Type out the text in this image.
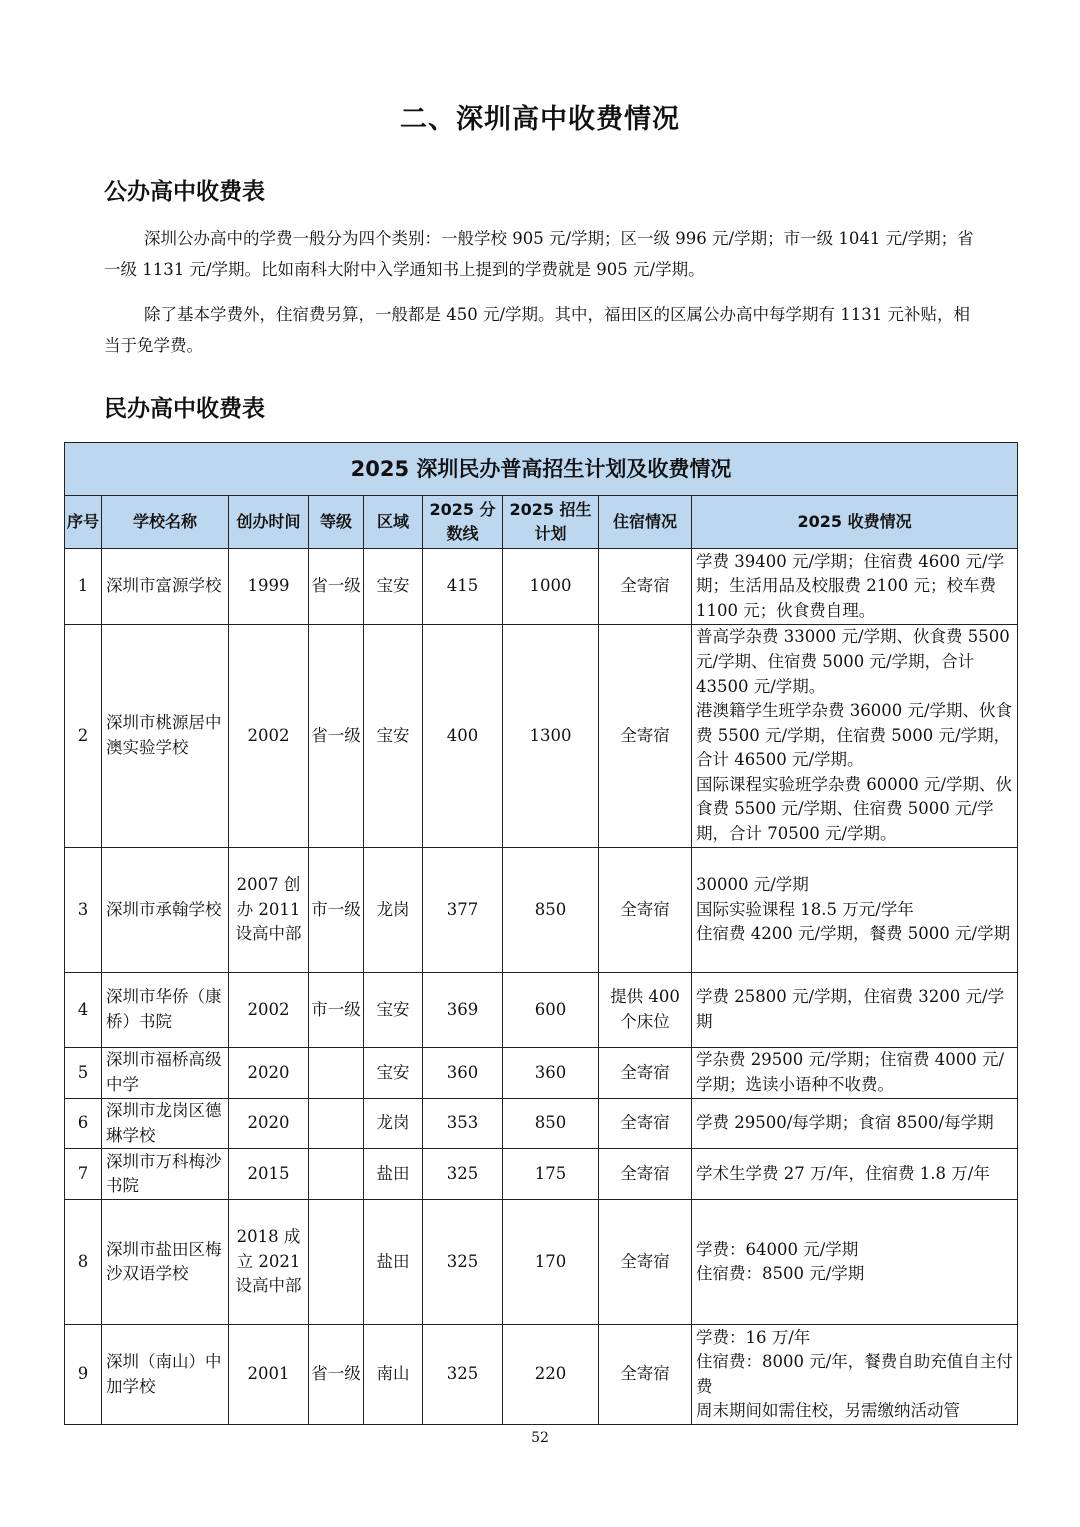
二、深圳高中收费情况
公办高中收费表
深圳公办高中的学费一般分为四个类别：一般学校 905 元/学期；区一级 996 元/学期；市一级 1041 元/学期；省一级 1131 元/学期。比如南科大附中入学通知书上提到的学费就是 905 元/学期。
除了基本学费外，住宿费另算，一般都是 450 元/学期。其中，福田区的区属公办高中每学期有 1131 元补贴，相当于免学费。
民办高中收费表
2025 深圳民办普高招生计划及收费情况								
序号	学校名称	创办时间	等级	区域	2025 分数线	2025 招生计划	住宿情况	2025 收费情况
1	深圳市富源学校	1999	省一级	宝安	415	1000	全寄宿	学费 39400 元/学期；住宿费 4600 元/学期；生活用品及校服费 2100 元；校车费 1100 元；伙食费自理。
2	深圳市桃源居中澳实验学校	2002	省一级	宝安	400	1300	全寄宿	普高学杂费 33000 元/学期、伙食费 5500 元/学期、住宿费 5000 元/学期，合计 43500 元/学期。
港澳籍学生班学杂费 36000 元/学期、伙食费 5500 元/学期，住宿费 5000 元/学期，合计 46500 元/学期。
国际课程实验班学杂费 60000 元/学期、伙食费 5500 元/学期、住宿费 5000 元/学期，合计 70500 元/学期。

3	深圳市承翰学校	2007 创办 2011 设高中部	市一级	龙岗	377	850	全寄宿	30000 元/学期
国际实验课程 18.5 万元/学年
住宿费 4200 元/学期，餐费 5000 元/学期

4	深圳市华侨（康桥）书院	2002	市一级	宝安	369	600	提供 400 个床位	学费 25800 元/学期，住宿费 3200 元/学期
5	深圳市福桥高级中学	2020		宝安	360	360	全寄宿	学杂费 29500 元/学期；住宿费 4000 元/学期；选读小语种不收费。
6	深圳市龙岗区德琳学校	2020		龙岗	353	850	全寄宿	学费 29500/每学期；食宿 8500/每学期
7	深圳市万科梅沙书院	2015		盐田	325	175	全寄宿	学术生学费 27 万/年，住宿费 1.8 万/年
8	深圳市盐田区梅沙双语学校	2018 成立 2021 设高中部		盐田	325	170	全寄宿	学费：64000 元/学期
住宿费：8500 元/学期

9	深圳（南山）中加学校	2001	省一级	南山	325	220	全寄宿	学费：16 万/年
住宿费：8000 元/年，餐费自助充值自主付费
周末期间如需住校，另需缴纳活动管
52
